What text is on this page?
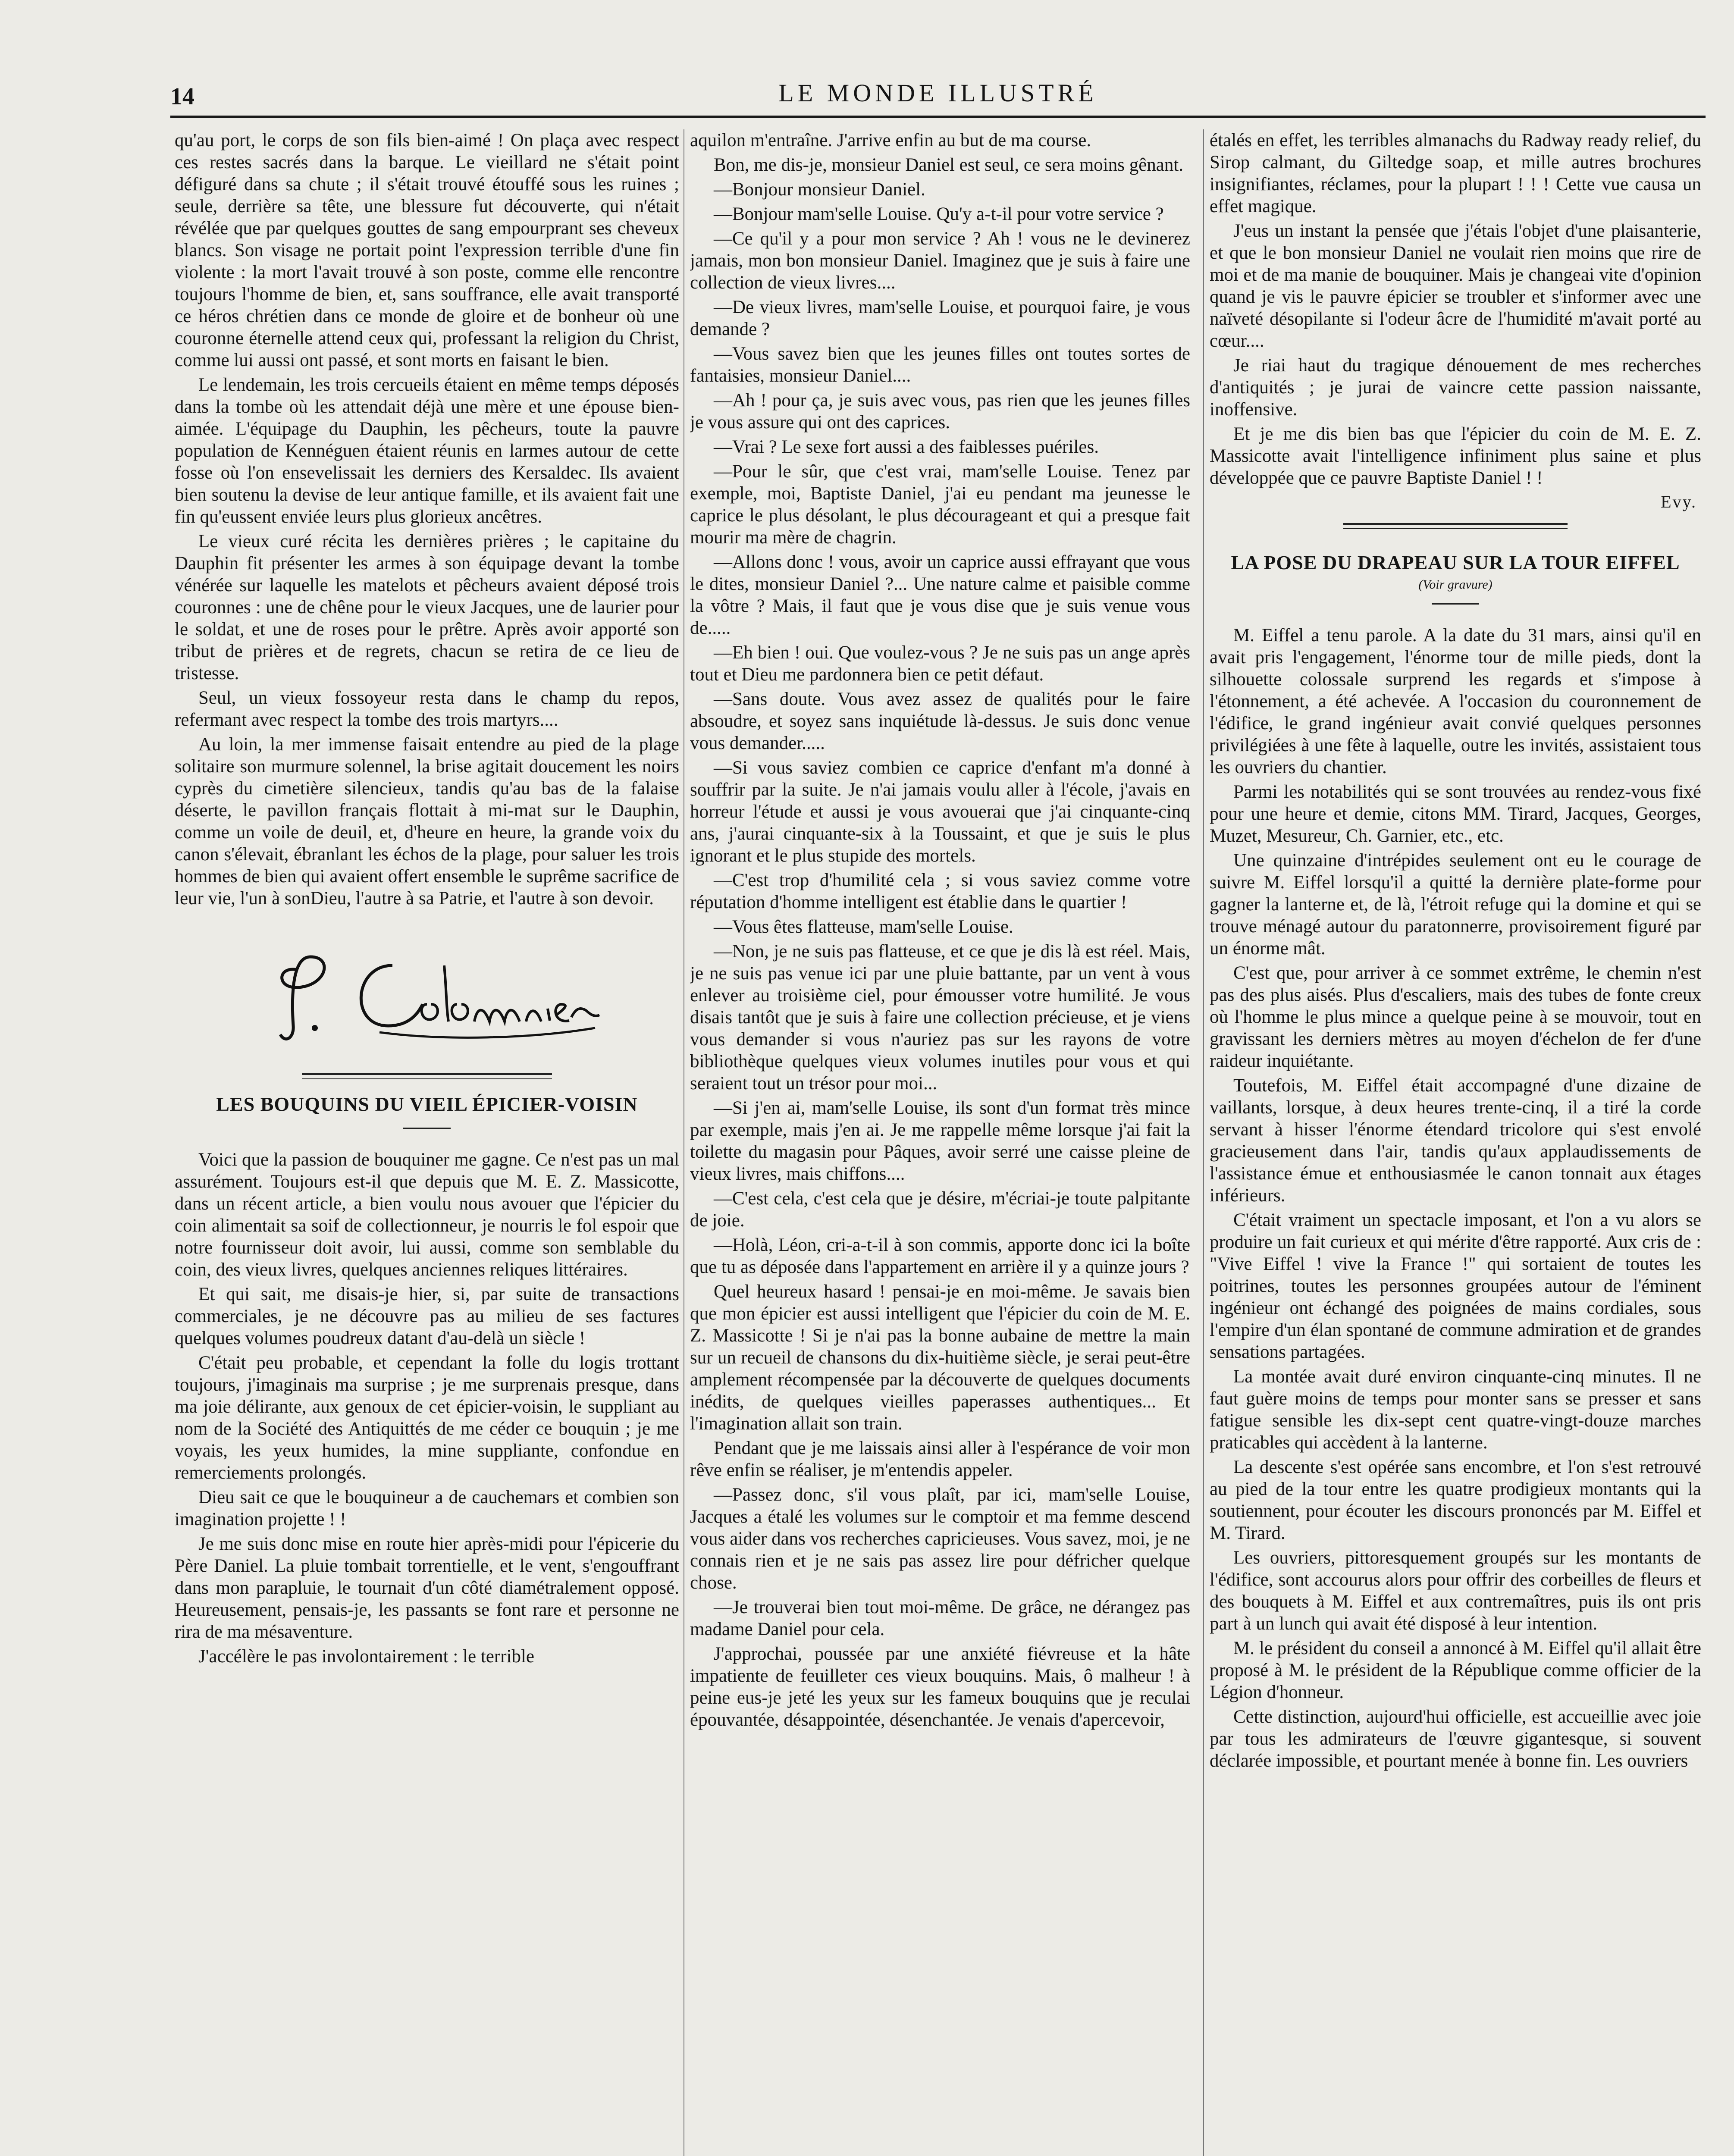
14	LE MONDE ILLUSTRÉ

qu'au port, le corps de son fils bien-aimé ! On plaça avec respect ces restes sacrés dans la barque. Le vieillard ne s'était point défiguré dans sa chute ; il s'était trouvé étouffé sous les ruines ; seule, derrière sa tête, une blessure fut découverte, qui n'était révélée que par quelques gouttes de sang empourprant ses cheveux blancs. Son visage ne portait point l'expression terrible d'une fin violente : la mort l'avait trouvé à son poste, comme elle rencontre toujours l'homme de bien, et, sans souffrance, elle avait transporté ce héros chrétien dans ce monde de gloire et de bonheur où une couronne éternelle attend ceux qui, professant la religion du Christ, comme lui aussi ont passé, et sont morts en faisant le bien.

Le lendemain, les trois cercueils étaient en même temps déposés dans la tombe où les attendait déjà une mère et une épouse bien-aimée. L'équipage du Dauphin, les pêcheurs, toute la pauvre population de Kennéguen étaient réunis en larmes autour de cette fosse où l'on ensevelissait les derniers des Kersaldec. Ils avaient bien soutenu la devise de leur antique famille, et ils avaient fait une fin qu'eussent enviée leurs plus glorieux ancêtres.

Le vieux curé récita les dernières prières ; le capitaine du Dauphin fit présenter les armes à son équipage devant la tombe vénérée sur laquelle les matelots et pêcheurs avaient déposé trois couronnes : une de chêne pour le vieux Jacques, une de laurier pour le soldat, et une de roses pour le prêtre. Après avoir apporté son tribut de prières et de regrets, chacun se retira de ce lieu de tristesse.

Seul, un vieux fossoyeur resta dans le champ du repos, refermant avec respect la tombe des trois martyrs....

Au loin, la mer immense faisait entendre au pied de la plage solitaire son murmure solennel, la brise agitait doucement les noirs cyprès du cimetière silencieux, tandis qu'au bas de la falaise déserte, le pavillon français flottait à mi-mat sur le Dauphin, comme un voile de deuil, et, d'heure en heure, la grande voix du canon s'élevait, ébranlant les échos de la plage, pour saluer les trois hommes de bien qui avaient offert ensemble le suprême sacrifice de leur vie, l'un à sonDieu, l'autre à sa Patrie, et l'autre à son devoir.

LES BOUQUINS DU VIEIL ÉPICIER-VOISIN

Voici que la passion de bouquiner me gagne. Ce n'est pas un mal assurément. Toujours est-il que depuis que M. E. Z. Massicotte, dans un récent article, a bien voulu nous avouer que l'épicier du coin alimentait sa soif de collectionneur, je nourris le fol espoir que notre fournisseur doit avoir, lui aussi, comme son semblable du coin, des vieux livres, quelques anciennes reliques littéraires.

Et qui sait, me disais-je hier, si, par suite de transactions commerciales, je ne découvre pas au milieu de ses factures quelques volumes poudreux datant d'au-delà un siècle !

C'était peu probable, et cependant la folle du logis trottant toujours, j'imaginais ma surprise ; je me surprenais presque, dans ma joie délirante, aux genoux de cet épicier-voisin, le suppliant au nom de la Société des Antiquittés de me céder ce bouquin ; je me voyais, les yeux humides, la mine suppliante, confondue en remerciements prolongés.

Dieu sait ce que le bouquineur a de cauchemars et combien son imagination projette ! !

Je me suis donc mise en route hier après-midi pour l'épicerie du Père Daniel. La pluie tombait torrentielle, et le vent, s'engouffrant dans mon parapluie, le tournait d'un côté diamétralement opposé. Heureusement, pensais-je, les passants se font rare et personne ne rira de ma mésaventure.

J'accélère le pas involontairement : le terrible

aquilon m'entraîne. J'arrive enfin au but de ma course.

Bon, me dis-je, monsieur Daniel est seul, ce sera moins gênant.

—Bonjour monsieur Daniel.

—Bonjour mam'selle Louise. Qu'y a-t-il pour votre service ?

—Ce qu'il y a pour mon service ? Ah ! vous ne le devinerez jamais, mon bon monsieur Daniel. Imaginez que je suis à faire une collection de vieux livres....

—De vieux livres, mam'selle Louise, et pourquoi faire, je vous demande ?

—Vous savez bien que les jeunes filles ont toutes sortes de fantaisies, monsieur Daniel....

—Ah ! pour ça, je suis avec vous, pas rien que les jeunes filles je vous assure qui ont des caprices.

—Vrai ? Le sexe fort aussi a des faiblesses puériles.

—Pour le sûr, que c'est vrai, mam'selle Louise. Tenez par exemple, moi, Baptiste Daniel, j'ai eu pendant ma jeunesse le caprice le plus désolant, le plus décourageant et qui a presque fait mourir ma mère de chagrin.

—Allons donc ! vous, avoir un caprice aussi effrayant que vous le dites, monsieur Daniel ?... Une nature calme et paisible comme la vôtre ? Mais, il faut que je vous dise que je suis venue vous de.....

—Eh bien ! oui. Que voulez-vous ? Je ne suis pas un ange après tout et Dieu me pardonnera bien ce petit défaut.

—Sans doute. Vous avez assez de qualités pour le faire absoudre, et soyez sans inquiétude là-dessus. Je suis donc venue vous demander.....

—Si vous saviez combien ce caprice d'enfant m'a donné à souffrir par la suite. Je n'ai jamais voulu aller à l'école, j'avais en horreur l'étude et aussi je vous avouerai que j'ai cinquante-cinq ans, j'aurai cinquante-six à la Toussaint, et que je suis le plus ignorant et le plus stupide des mortels.

—C'est trop d'humilité cela ; si vous saviez comme votre réputation d'homme intelligent est établie dans le quartier !

—Vous êtes flatteuse, mam'selle Louise.

—Non, je ne suis pas flatteuse, et ce que je dis là est réel. Mais, je ne suis pas venue ici par une pluie battante, par un vent à vous enlever au troisième ciel, pour émousser votre humilité. Je vous disais tantôt que je suis à faire une collection précieuse, et je viens vous demander si vous n'auriez pas sur les rayons de votre bibliothèque quelques vieux volumes inutiles pour vous et qui seraient tout un trésor pour moi...

—Si j'en ai, mam'selle Louise, ils sont d'un format très mince par exemple, mais j'en ai. Je me rappelle même lorsque j'ai fait la toilette du magasin pour Pâques, avoir serré une caisse pleine de vieux livres, mais chiffons....

—C'est cela, c'est cela que je désire, m'écriai-je toute palpitante de joie.

—Holà, Léon, cri-a-t-il à son commis, apporte donc ici la boîte que tu as déposée dans l'appartement en arrière il y a quinze jours ?

Quel heureux hasard ! pensai-je en moi-même. Je savais bien que mon épicier est aussi intelligent que l'épicier du coin de M. E. Z. Massicotte ! Si je n'ai pas la bonne aubaine de mettre la main sur un recueil de chansons du dix-huitième siècle, je serai peut-être amplement récompensée par la découverte de quelques documents inédits, de quelques vieilles paperasses authentiques... Et l'imagination allait son train.

Pendant que je me laissais ainsi aller à l'espérance de voir mon rêve enfin se réaliser, je m'entendis appeler.

—Passez donc, s'il vous plaît, par ici, mam'selle Louise, Jacques a étalé les volumes sur le comptoir et ma femme descend vous aider dans vos recherches capricieuses. Vous savez, moi, je ne connais rien et je ne sais pas assez lire pour défricher quelque chose.

—Je trouverai bien tout moi-même. De grâce, ne dérangez pas madame Daniel pour cela.

J'approchai, poussée par une anxiété fiévreuse et la hâte impatiente de feuilleter ces vieux bouquins. Mais, ô malheur ! à peine eus-je jeté les yeux sur les fameux bouquins que je reculai épouvantée, désappointée, désenchantée. Je venais d'apercevoir,

étalés en effet, les terribles almanachs du Radway ready relief, du Sirop calmant, du Giltedge soap, et mille autres brochures insignifiantes, réclames, pour la plupart ! ! ! Cette vue causa un effet magique.

J'eus un instant la pensée que j'étais l'objet d'une plaisanterie, et que le bon monsieur Daniel ne voulait rien moins que rire de moi et de ma manie de bouquiner. Mais je changeai vite d'opinion quand je vis le pauvre épicier se troubler et s'informer avec une naïveté désopilante si l'odeur âcre de l'humidité m'avait porté au cœur....

Je riai haut du tragique dénouement de mes recherches d'antiquités ; je jurai de vaincre cette passion naissante, inoffensive.

Et je me dis bien bas que l'épicier du coin de M. E. Z. Massicotte avait l'intelligence infiniment plus saine et plus développée que ce pauvre Baptiste Daniel ! !

Evy.
LA POSE DU DRAPEAU SUR LA TOUR EIFFEL
(Voir gravure)

M. Eiffel a tenu parole. A la date du 31 mars, ainsi qu'il en avait pris l'engagement, l'énorme tour de mille pieds, dont la silhouette colossale surprend les regards et s'impose à l'étonnement, a été achevée. A l'occasion du couronnement de l'édifice, le grand ingénieur avait convié quelques personnes privilégiées à une fête à laquelle, outre les invités, assistaient tous les ouvriers du chantier.

Parmi les notabilités qui se sont trouvées au rendez-vous fixé pour une heure et demie, citons MM. Tirard, Jacques, Georges, Muzet, Mesureur, Ch. Garnier, etc., etc.

Une quinzaine d'intrépides seulement ont eu le courage de suivre M. Eiffel lorsqu'il a quitté la dernière plate-forme pour gagner la lanterne et, de là, l'étroit refuge qui la domine et qui se trouve ménagé autour du paratonnerre, provisoirement figuré par un énorme mât.

C'est que, pour arriver à ce sommet extrême, le chemin n'est pas des plus aisés. Plus d'escaliers, mais des tubes de fonte creux où l'homme le plus mince a quelque peine à se mouvoir, tout en gravissant les derniers mètres au moyen d'échelon de fer d'une raideur inquiétante.

Toutefois, M. Eiffel était accompagné d'une dizaine de vaillants, lorsque, à deux heures trente-cinq, il a tiré la corde servant à hisser l'énorme étendard tricolore qui s'est envolé gracieusement dans l'air, tandis qu'aux applaudissements de l'assistance émue et enthousiasmée le canon tonnait aux étages inférieurs.

C'était vraiment un spectacle imposant, et l'on a vu alors se produire un fait curieux et qui mérite d'être rapporté. Aux cris de : "Vive Eiffel ! vive la France !" qui sortaient de toutes les poitrines, toutes les personnes groupées autour de l'éminent ingénieur ont échangé des poignées de mains cordiales, sous l'empire d'un élan spontané de commune admiration et de grandes sensations partagées.

La montée avait duré environ cinquante-cinq minutes. Il ne faut guère moins de temps pour monter sans se presser et sans fatigue sensible les dix-sept cent quatre-vingt-douze marches praticables qui accèdent à la lanterne.

La descente s'est opérée sans encombre, et l'on s'est retrouvé au pied de la tour entre les quatre prodigieux montants qui la soutiennent, pour écouter les discours prononcés par M. Eiffel et M. Tirard.

Les ouvriers, pittoresquement groupés sur les montants de l'édifice, sont accourus alors pour offrir des corbeilles de fleurs et des bouquets à M. Eiffel et aux contremaîtres, puis ils ont pris part à un lunch qui avait été disposé à leur intention.

M. le président du conseil a annoncé à M. Eiffel qu'il allait être proposé à M. le président de la République comme officier de la Légion d'honneur.

Cette distinction, aujourd'hui officielle, est accueillie avec joie par tous les admirateurs de l'œuvre gigantesque, si souvent déclarée impossible, et pourtant menée à bonne fin. Les ouvriers
